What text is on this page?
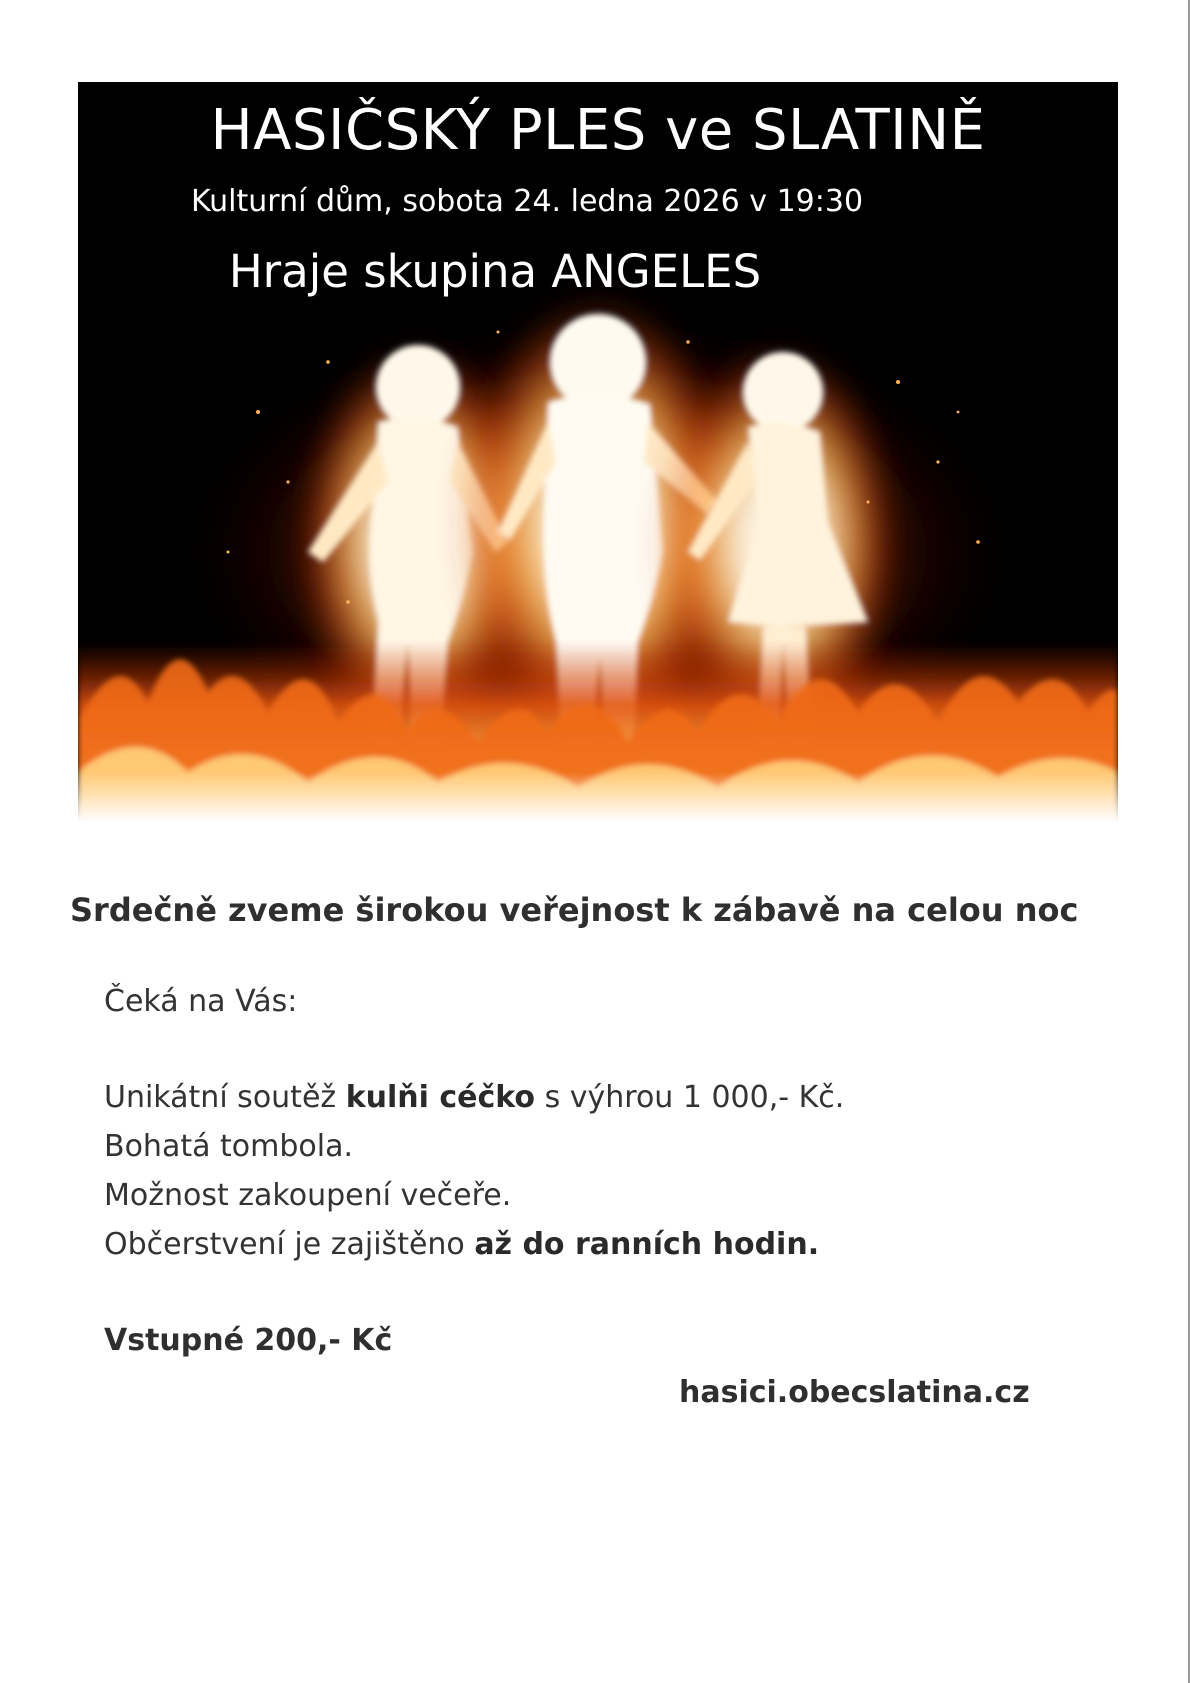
HASIČSKÝ PLES ve SLATINĚ
Kulturní dům, sobota 24. ledna 2026 v 19:30
Hraje skupina ANGELES
Srdečně zveme širokou veřejnost k zábavě na celou noc
Čeká na Vás:
Unikátní soutěž kulňi céčko s výhrou 1 000,- Kč.
Bohatá tombola.
Možnost zakoupení večeře.
Občerstvení je zajištěno až do ranních hodin.
Vstupné 200,- Kč
hasici.obecslatina.cz
